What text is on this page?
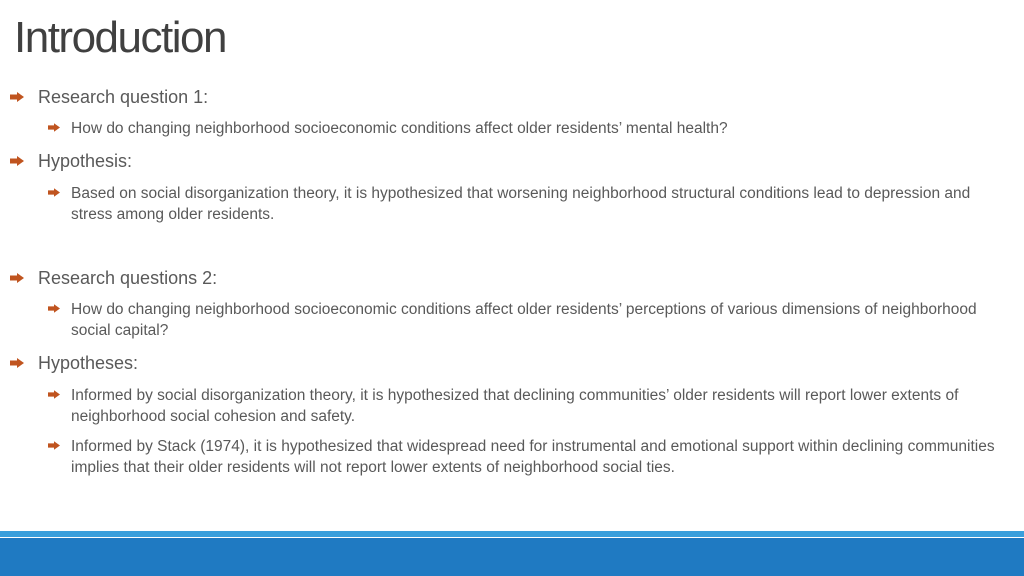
Introduction
Research question 1:
How do changing neighborhood socioeconomic conditions affect older residents’ mental health?
Hypothesis:
Based on social disorganization theory, it is hypothesized that worsening neighborhood structural conditions lead to depression and stress among older residents.
Research questions 2:
How do changing neighborhood socioeconomic conditions affect older residents’ perceptions of various dimensions of neighborhood social capital?
Hypotheses:
Informed by social disorganization theory, it is hypothesized that declining communities’ older residents will report lower extents of neighborhood social cohesion and safety.
Informed by Stack (1974), it is hypothesized that widespread need for instrumental and emotional support within declining communities implies that their older residents will not report lower extents of neighborhood social ties.
